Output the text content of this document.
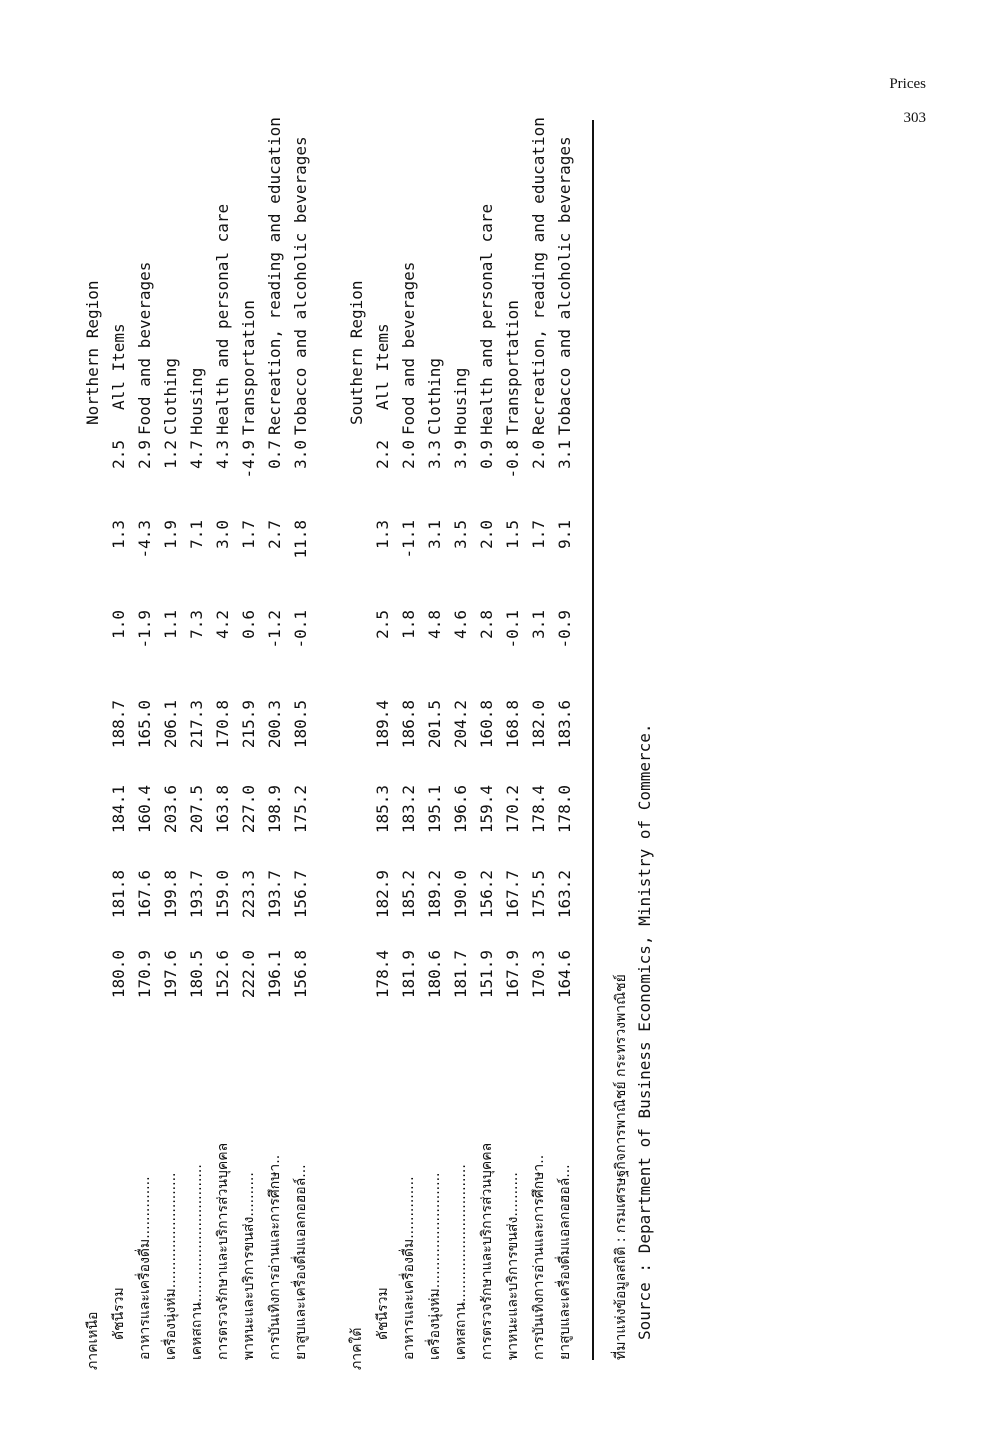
Prices
303
ภาคเหนือ
Northern Region
ดัชนีรวม
180.0
181.8
184.1
188.7
1.0
1.3
2.5
All Items
อาหารและเครื่องดื่ม..............
170.9
167.6
160.4
165.0
-1.9
-4.3
2.9
Food and beverages
เครื่องนุ่งห่ม..........................
197.6
199.8
203.6
206.1
1.1
1.9
1.2
Clothing
เคหสถาน...............................
180.5
193.7
207.5
217.3
7.3
7.1
4.7
Housing
การตรวจรักษาและบริการส่วนบุคคล
152.6
159.0
163.8
170.8
4.2
3.0
4.3
Health and personal care
พาหนะและบริการขนส่ง..........
222.0
223.3
227.0
215.9
0.6
1.7
-4.9
Transportation
การบันเทิงการอ่านและการศึกษา..
196.1
193.7
198.9
200.3
-1.2
2.7
0.7
Recreation, reading and education
ยาสูบและเครื่องดื่มแอลกอฮอล์...
156.8
156.7
175.2
180.5
-0.1
11.8
3.0
Tobacco and alcoholic beverages
ภาคใต้
Southern Region
ดัชนีรวม
178.4
182.9
185.3
189.4
2.5
1.3
2.2
All Items
อาหารและเครื่องดื่ม..............
181.9
185.2
183.2
186.8
1.8
-1.1
2.0
Food and beverages
เครื่องนุ่งห่ม..........................
180.6
189.2
195.1
201.5
4.8
3.1
3.3
Clothing
เคหสถาน...............................
181.7
190.0
196.6
204.2
4.6
3.5
3.9
Housing
การตรวจรักษาและบริการส่วนบุคคล
151.9
156.2
159.4
160.8
2.8
2.0
0.9
Health and personal care
พาหนะและบริการขนส่ง..........
167.9
167.7
170.2
168.8
-0.1
1.5
-0.8
Transportation
การบันเทิงการอ่านและการศึกษา..
170.3
175.5
178.4
182.0
3.1
1.7
2.0
Recreation, reading and education
ยาสูบและเครื่องดื่มแอลกอฮอล์...
164.6
163.2
178.0
183.6
-0.9
9.1
3.1
Tobacco and alcoholic beverages
ที่มาแห่งข้อมูลสถิติ : กรมเศรษฐกิจการพาณิชย์ กระทรวงพาณิชย์ Source : Department of Business Economics, Ministry of Commerce.
